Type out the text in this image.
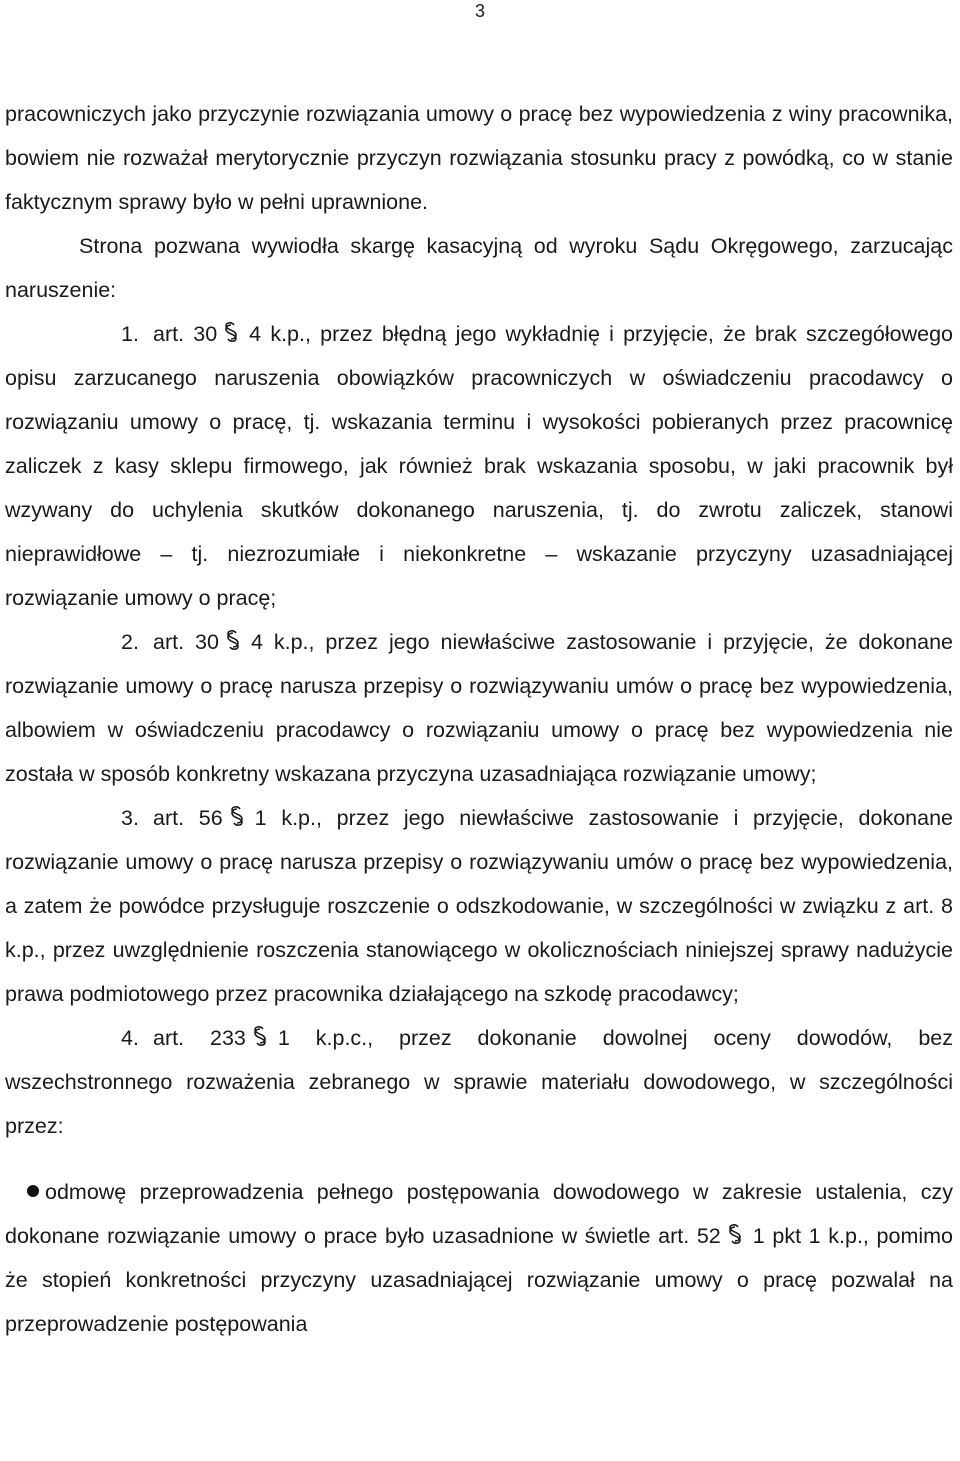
3

pracowniczych jako przyczynie rozwiązania umowy o pracę bez wypowiedzenia z winy pracownika, bowiem nie rozważał merytorycznie przyczyn rozwiązania stosunku pracy z powódką, co w stanie faktycznym sprawy było w pełni uprawnione.

Strona pozwana wywiodła skargę kasacyjną od wyroku Sądu Okręgowego, zarzucając naruszenie:

1. art. 30 4 k.p., przez błędną jego wykładnię i przyjęcie, że brak szczegółowego opisu zarzucanego naruszenia obowiązków pracowniczych w oświadczeniu pracodawcy o rozwiązaniu umowy o pracę, tj. wskazania terminu i wysokości pobieranych przez pracownicę zaliczek z kasy sklepu firmowego, jak również brak wskazania sposobu, w jaki pracownik był wzywany do uchylenia skutków dokonanego naruszenia, tj. do zwrotu zaliczek, stanowi nieprawidłowe – tj. niezrozumiałe i niekonkretne – wskazanie przyczyny uzasadniającej rozwiązanie umowy o pracę;

2. art. 30 4 k.p., przez jego niewłaściwe zastosowanie i przyjęcie, że dokonane rozwiązanie umowy o pracę narusza przepisy o rozwiązywaniu umów o pracę bez wypowiedzenia, albowiem w oświadczeniu pracodawcy o rozwiązaniu umowy o pracę bez wypowiedzenia nie została w sposób konkretny wskazana przyczyna uzasadniająca rozwiązanie umowy;

3. art. 56 1 k.p., przez jego niewłaściwe zastosowanie i przyjęcie, dokonane rozwiązanie umowy o pracę narusza przepisy o rozwiązywaniu umów o pracę bez wypowiedzenia, a zatem że powódce przysługuje roszczenie o odszkodowanie, w szczególności w związku z art. 8 k.p., przez uwzględnienie roszczenia stanowiącego w okolicznościach niniejszej sprawy nadużycie prawa podmiotowego przez pracownika działającego na szkodę pracodawcy;

4. art. 233 1 k.p.c., przez dokonanie dowolnej oceny dowodów, bez wszechstronnego rozważenia zebranego w sprawie materiału dowodowego, w szczególności przez:

odmowę przeprowadzenia pełnego postępowania dowodowego w zakresie ustalenia, czy dokonane rozwiązanie umowy o prace było uzasadnione w świetle art. 52 1 pkt 1 k.p., pomimo że stopień konkretności przyczyny uzasadniającej rozwiązanie umowy o pracę pozwalał na przeprowadzenie postępowania
